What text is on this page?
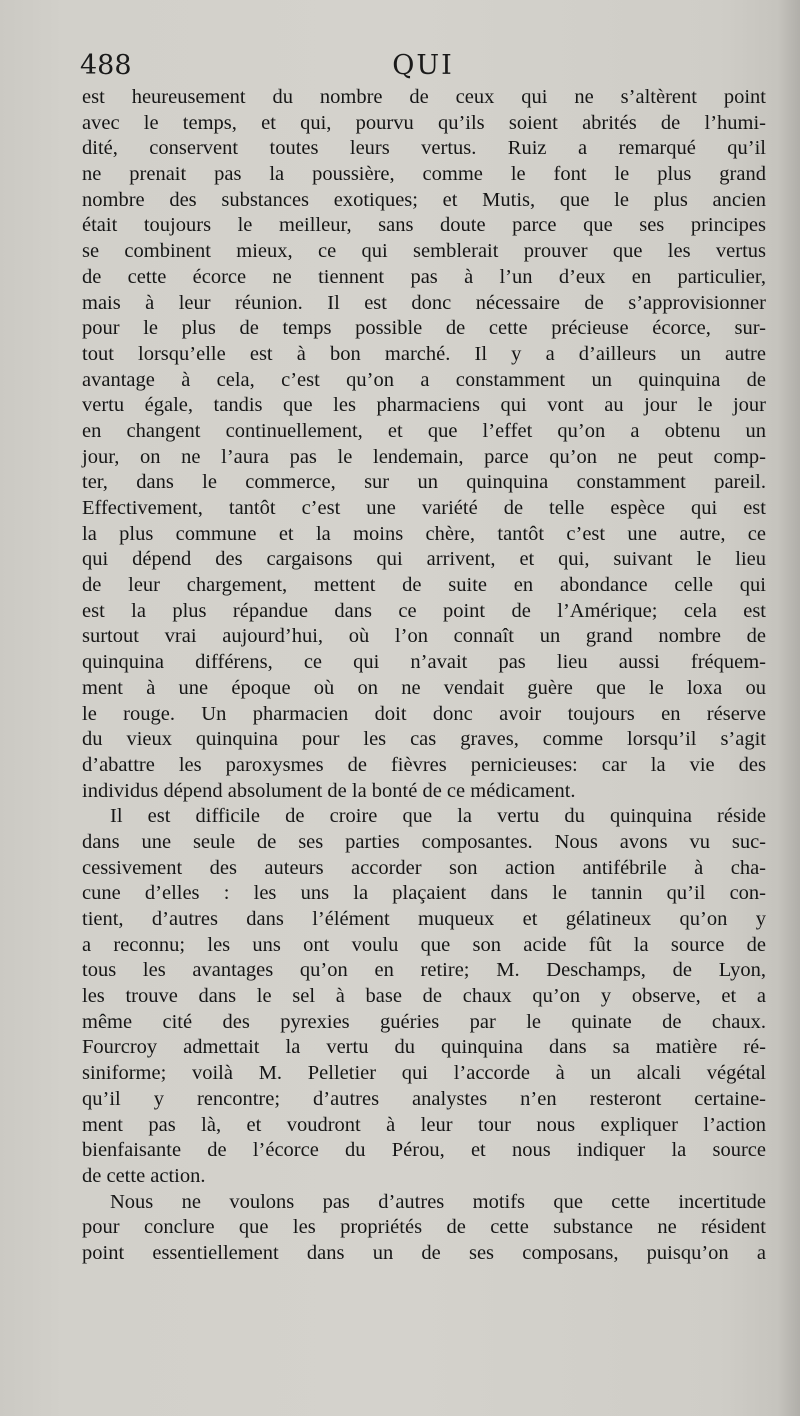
488	QUI
est heureusement du nombre de ceux qui ne s’altèrent point
avec le temps, et qui, pourvu qu’ils soient abrités de l’humi-
dité, conservent toutes leurs vertus. Ruiz a remarqué qu’il
ne prenait pas la poussière, comme le font le plus grand
nombre des substances exotiques; et Mutis, que le plus ancien
était toujours le meilleur, sans doute parce que ses principes
se combinent mieux, ce qui semblerait prouver que les vertus
de cette écorce ne tiennent pas à l’un d’eux en particulier,
mais à leur réunion. Il est donc nécessaire de s’approvisionner
pour le plus de temps possible de cette précieuse écorce, sur-
tout lorsqu’elle est à bon marché. Il y a d’ailleurs un autre
avantage à cela, c’est qu’on a constamment un quinquina de
vertu égale, tandis que les pharmaciens qui vont au jour le jour
en changent continuellement, et que l’effet qu’on a obtenu un
jour, on ne l’aura pas le lendemain, parce qu’on ne peut comp-
ter, dans le commerce, sur un quinquina constamment pareil.
Effectivement, tantôt c’est une variété de telle espèce qui est
la plus commune et la moins chère, tantôt c’est une autre, ce
qui dépend des cargaisons qui arrivent, et qui, suivant le lieu
de leur chargement, mettent de suite en abondance celle qui
est la plus répandue dans ce point de l’Amérique; cela est
surtout vrai aujourd’hui, où l’on connaît un grand nombre de
quinquina différens, ce qui n’avait pas lieu aussi fréquem-
ment à une époque où on ne vendait guère que le loxa ou
le rouge. Un pharmacien doit donc avoir toujours en réserve
du vieux quinquina pour les cas graves, comme lorsqu’il s’agit
d’abattre les paroxysmes de fièvres pernicieuses: car la vie des
individus dépend absolument de la bonté de ce médicament.
Il est difficile de croire que la vertu du quinquina réside
dans une seule de ses parties composantes. Nous avons vu suc-
cessivement des auteurs accorder son action antifébrile à cha-
cune d’elles : les uns la plaçaient dans le tannin qu’il con-
tient, d’autres dans l’élément muqueux et gélatineux qu’on y
a reconnu; les uns ont voulu que son acide fût la source de
tous les avantages qu’on en retire; M. Deschamps, de Lyon,
les trouve dans le sel à base de chaux qu’on y observe, et a
même cité des pyrexies guéries par le quinate de chaux.
Fourcroy admettait la vertu du quinquina dans sa matière ré-
siniforme; voilà M. Pelletier qui l’accorde à un alcali végétal
qu’il y rencontre; d’autres analystes n’en resteront certaine-
ment pas là, et voudront à leur tour nous expliquer l’action
bienfaisante de l’écorce du Pérou, et nous indiquer la source
de cette action.
Nous ne voulons pas d’autres motifs que cette incertitude
pour conclure que les propriétés de cette substance ne résident
point essentiellement dans un de ses composans, puisqu’on a
